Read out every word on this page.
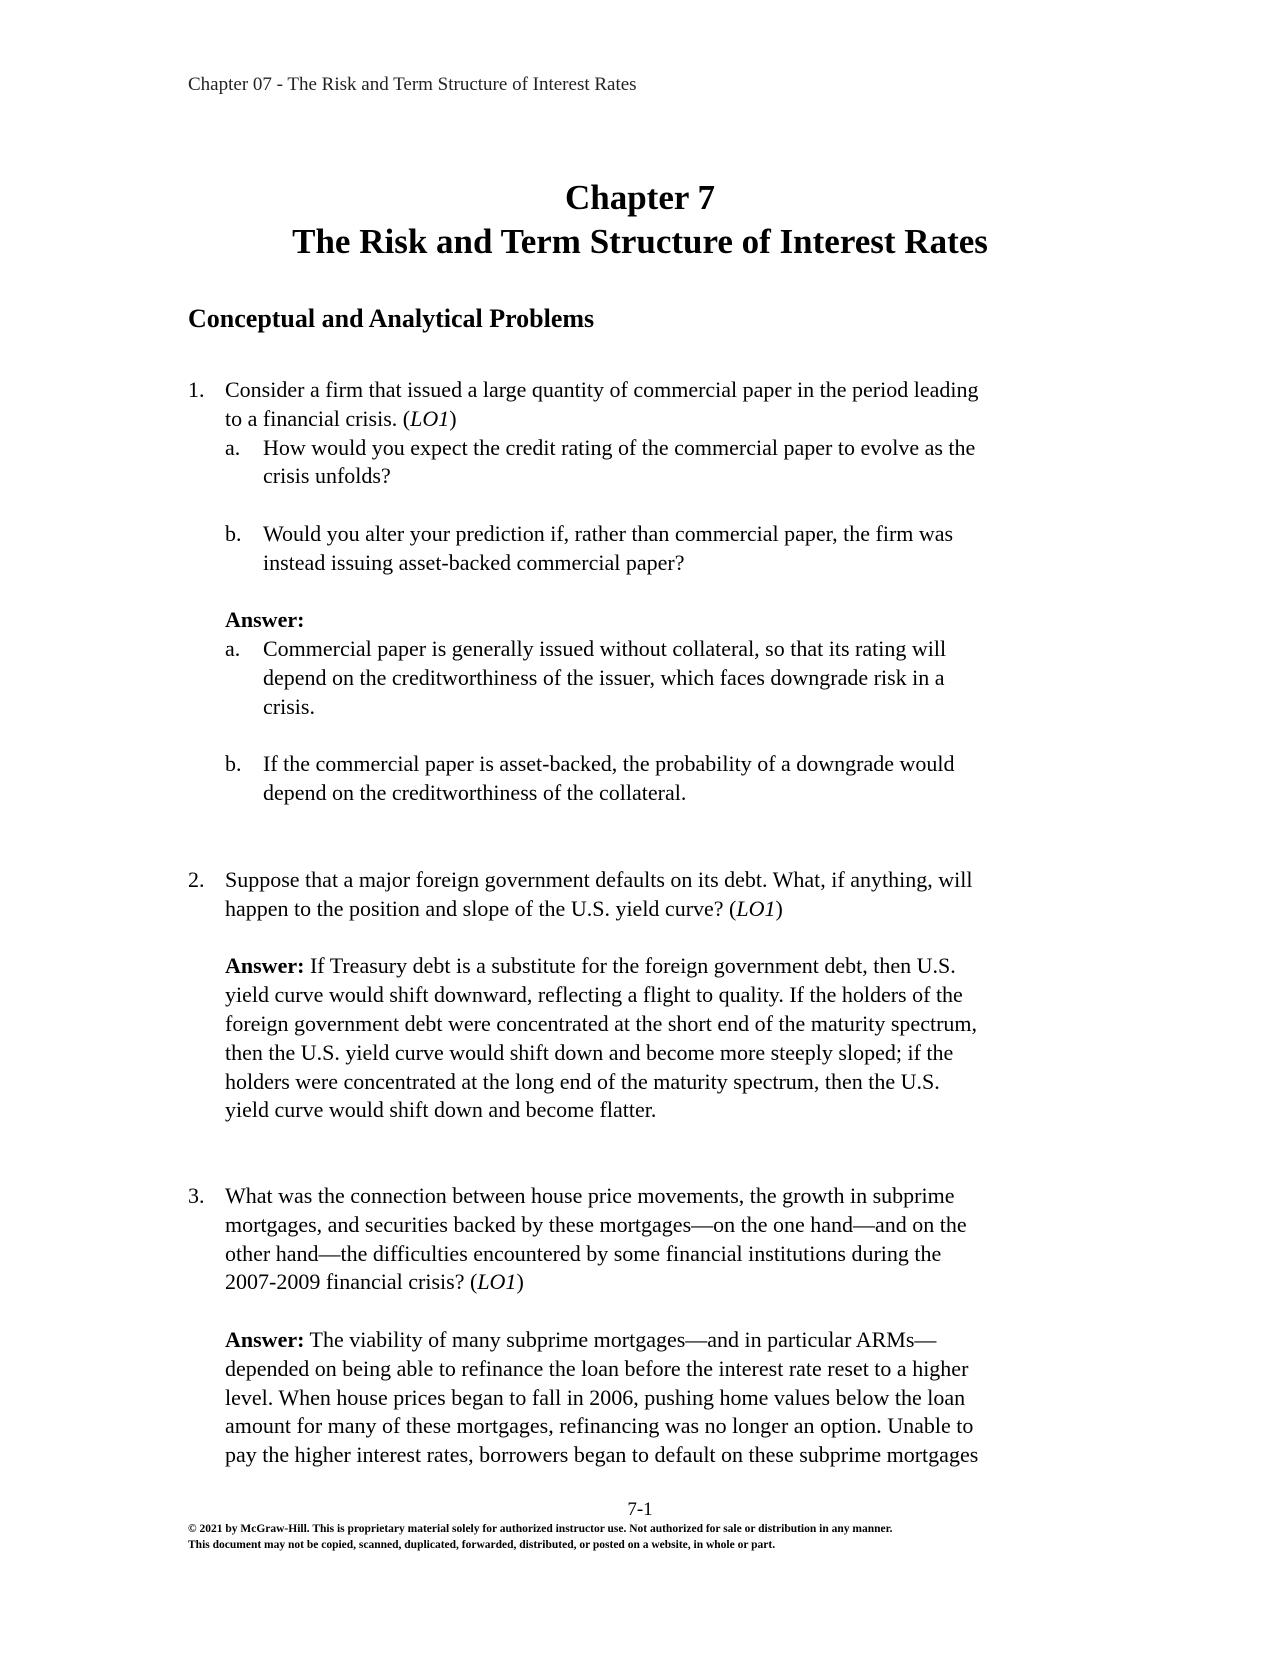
Chapter 07 - The Risk and Term Structure of Interest Rates
Chapter 7
The Risk and Term Structure of Interest Rates
Conceptual and Analytical Problems
1. Consider a firm that issued a large quantity of commercial paper in the period leading
to a financial crisis. (LO1)
a.	How would you expect the credit rating of the commercial paper to evolve as the
crisis unfolds?
b. Would you alter your prediction if, rather than commercial paper, the firm was
instead issuing asset-backed commercial paper?
Answer:
a.	Commercial paper is generally issued without collateral, so that its rating will
depend on the creditworthiness of the issuer, which faces downgrade risk in a
crisis.
b. If the commercial paper is asset-backed, the probability of a downgrade would
depend on the creditworthiness of the collateral.
2. Suppose that a major foreign government defaults on its debt. What, if anything, will
happen to the position and slope of the U.S. yield curve? (LO1)
Answer: If Treasury debt is a substitute for the foreign government debt, then U.S.
yield curve would shift downward, reflecting a flight to quality. If the holders of the
foreign government debt were concentrated at the short end of the maturity spectrum,
then the U.S. yield curve would shift down and become more steeply sloped; if the
holders were concentrated at the long end of the maturity spectrum, then the U.S.
yield curve would shift down and become flatter.
3. What was the connection between house price movements, the growth in subprime
mortgages, and securities backed by these mortgages—on the one hand—and on the
other hand—the difficulties encountered by some financial institutions during the
2007-2009 financial crisis? (LO1)
Answer: The viability of many subprime mortgages—and in particular ARMs—
depended on being able to refinance the loan before the interest rate reset to a higher
level. When house prices began to fall in 2006, pushing home values below the loan
amount for many of these mortgages, refinancing was no longer an option. Unable to
pay the higher interest rates, borrowers began to default on these subprime mortgages
7-1
© 2021 by McGraw-Hill. This is proprietary material solely for authorized instructor use. Not authorized for sale or distribution in any manner.
This document may not be copied, scanned, duplicated, forwarded, distributed, or posted on a website, in whole or part.
